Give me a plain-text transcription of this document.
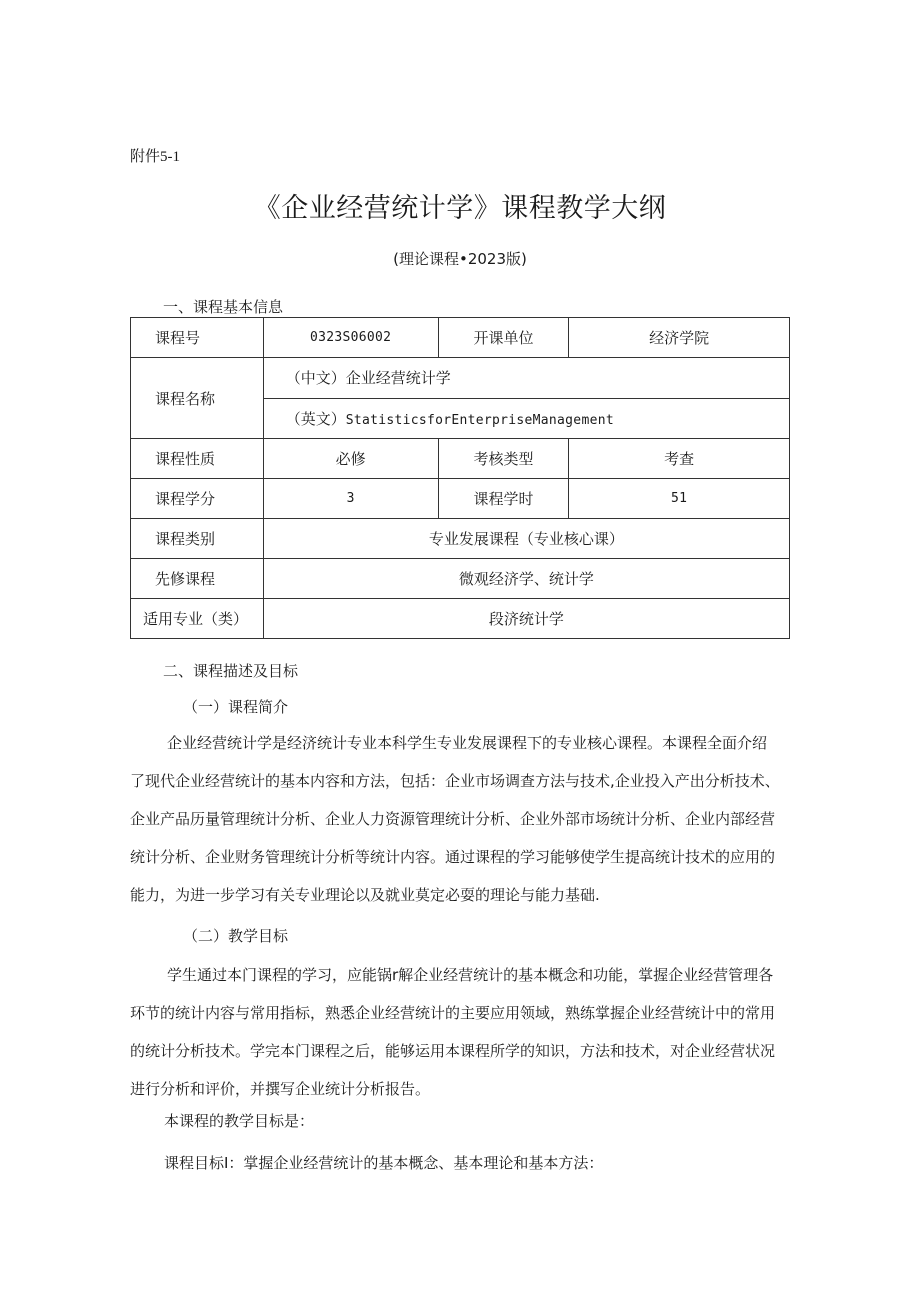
附件5-1
《企业经营统计学》课程教学大纲
(理论课程•2023版)
一、课程基本信息
课程号	0323S06002	开课单位	经济学院
课程名称	（中文）企业经营统计学		
	（英文）StatisticsforEnterpriseManagement		
课程性质	必修	考核类型	考查
课程学分	3	课程学时	51
课程类别	专业发展课程（专业核心课）		
先修课程	微观经济学、统计学		
适用专业（类）	段济统计学		
二、课程描述及目标
（一）课程简介
企业经营统计学是经济统计专业本科学生专业发展课程下的专业核心课程。本课程全面介绍
了现代企业经营统计的基本内容和方法，包括：企业市场调查方法与技术,企业投入产出分析技术、
企业产品历量管理统计分析、企业人力资源管理统计分析、企业外部市场统计分析、企业内部经营
统计分析、企业财务管理统计分析等统计内容。通过课程的学习能够使学生提高统计技术的应用的
能力，为进一步学习有关专业理论以及就业莫定必耍的理论与能力基础.
（二）教学目标
学生通过本门课程的学习，应能锅r解企业经营统计的基本概念和功能，掌握企业经营管理各
环节的统计内容与常用指标，熟悉企业经营统计的主要应用领域，熟练掌握企业经营统计中的常用
的统计分析技术。学完本门课程之后，能够运用本课程所学的知识，方法和技术，对企业经营状况
进行分析和评价，并撰写企业统计分析报告。
本课程的教学目标是：
课程目标I：掌握企业经营统计的基本概念、基本理论和基本方法：
